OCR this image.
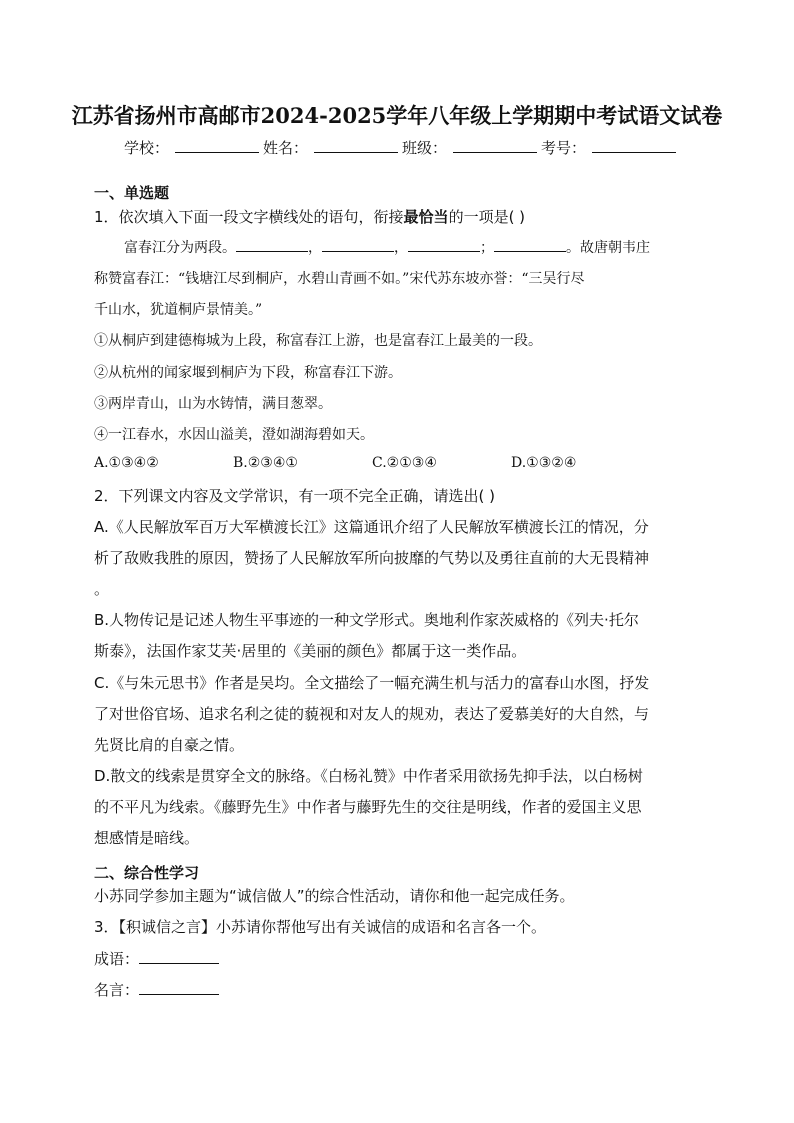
江苏省扬州市高邮市2024-2025学年八年级上学期期中考试语文试卷
学校：	姓名：	班级：	考号：
一、单选题
1．依次填入下面一段文字横线处的语句，衔接最恰当的一项是( )
富春江分为两段。	，	，	；	。故唐朝韦庄
称赞富春江：“钱塘江尽到桐庐，水碧山青画不如。”宋代苏东坡亦誉：“三吴行尽
千山水，犹道桐庐景情美。”
①从桐庐到建德梅城为上段，称富春江上游，也是富春江上最美的一段。
②从杭州的闻家堰到桐庐为下段，称富春江下游。
③两岸青山，山为水铸情，满目葱翠。
④一江春水，水因山溢美，澄如湖海碧如天。
A.①③④②	B.②③④①	C.②①③④	D.①③②④
2．下列课文内容及文学常识，有一项不完全正确，请选出( )
A.《人民解放军百万大军横渡长江》这篇通讯介绍了人民解放军横渡长江的情况，分
析了敌败我胜的原因，赞扬了人民解放军所向披靡的气势以及勇往直前的大无畏精神
。
B.人物传记是记述人物生平事迹的一种文学形式。奥地利作家茨威格的《列夫·托尔
斯泰》，法国作家艾芙·居里的《美丽的颜色》都属于这一类作品。
C.《与朱元思书》作者是吴均。全文描绘了一幅充满生机与活力的富春山水图，抒发
了对世俗官场、追求名利之徒的藐视和对友人的规劝，表达了爱慕美好的大自然，与
先贤比肩的自豪之情。
D.散文的线索是贯穿全文的脉络。《白杨礼赞》中作者采用欲扬先抑手法，以白杨树
的不平凡为线索。《藤野先生》中作者与藤野先生的交往是明线，作者的爱国主义思
想感情是暗线。
二、综合性学习
小苏同学参加主题为“诚信做人”的综合性活动，请你和他一起完成任务。
3．【积诚信之言】小苏请你帮他写出有关诚信的成语和名言各一个。
成语：
名言：
